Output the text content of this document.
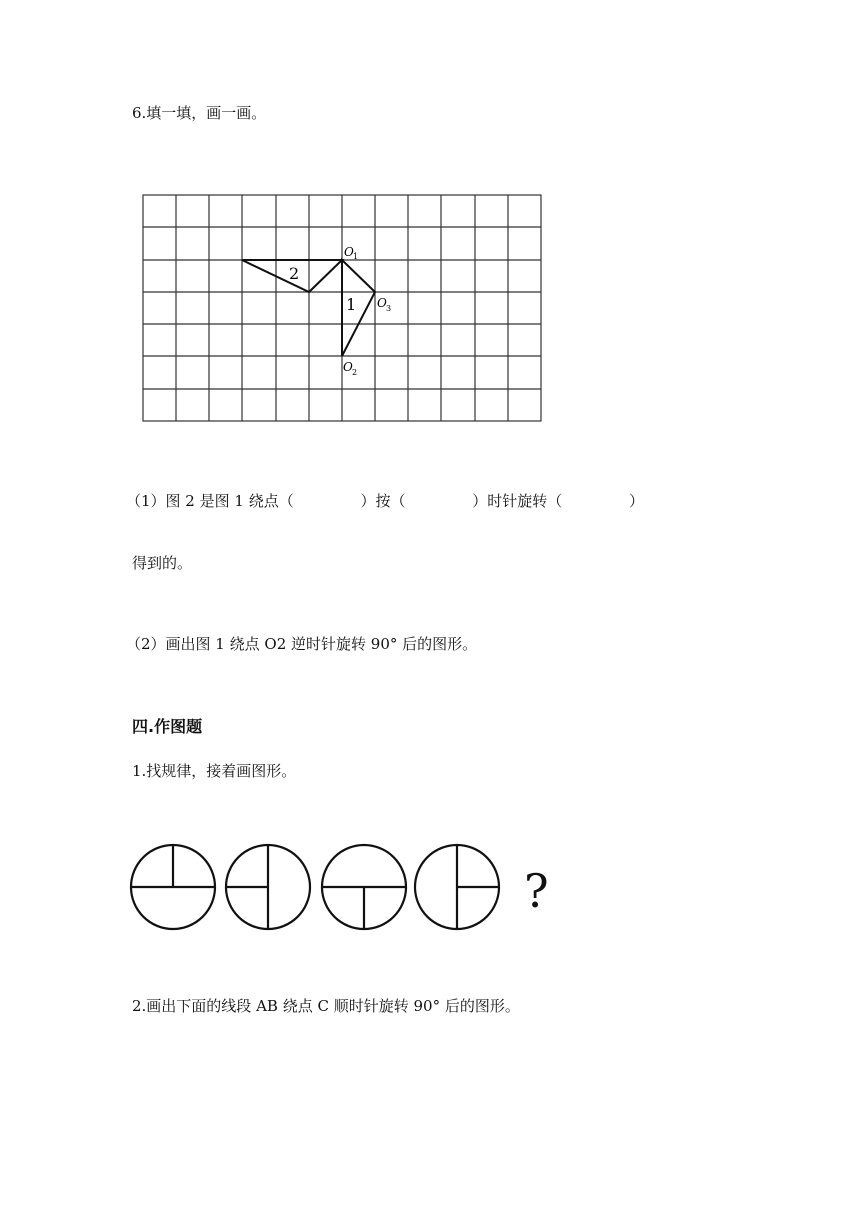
6.填一填，画一画。
2
1
O 1
O 3
O 2
（1）图 2 是图 1 绕点（              ）按（              ）时针旋转（              ）
得到的。
（2）画出图 1 绕点 O2 逆时针旋转 90° 后的图形。
四.作图题
1.找规律，接着画图形。
?
2.画出下面的线段 AB 绕点 C 顺时针旋转 90° 后的图形。
